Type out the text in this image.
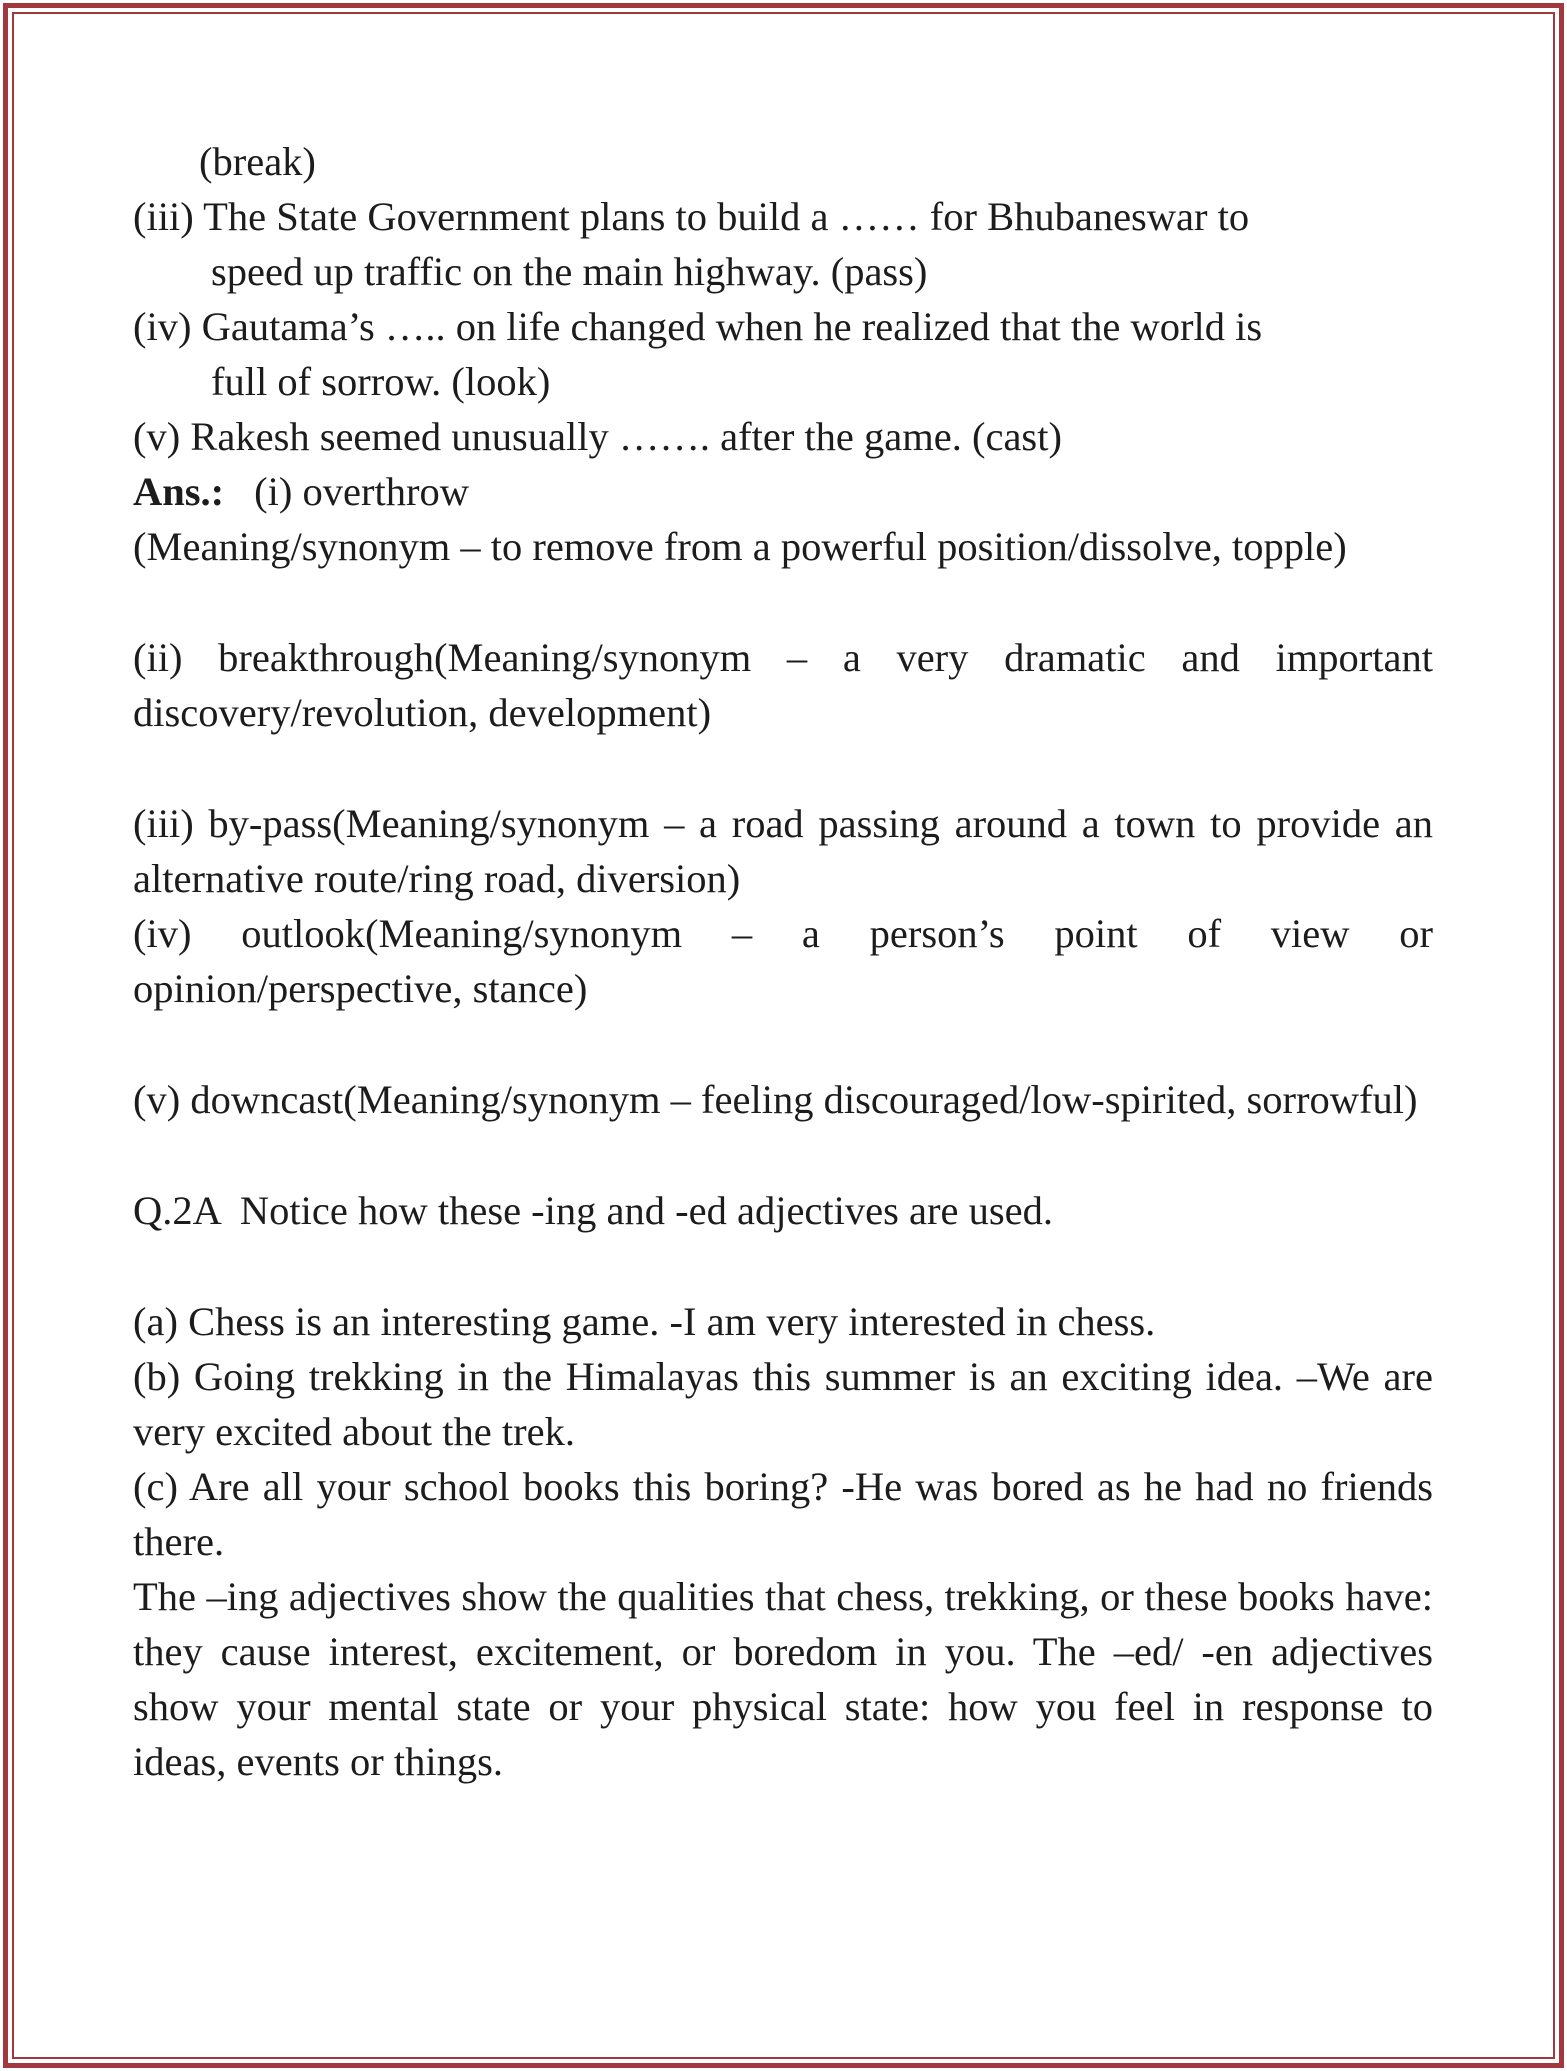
(break)
(iii) The State Government plans to build a …… for Bhubaneswar to
speed up traffic on the main highway. (pass)
(iv) Gautama’s ….. on life changed when he realized that the world is
full of sorrow. (look)
(v) Rakesh seemed unusually ……. after the game. (cast)
Ans.: (i) overthrow
(Meaning/synonym – to remove from a powerful position/dissolve, topple)
(ii) breakthrough(Meaning/synonym – a very dramatic and important discovery/revolution, development)
(iii) by-pass(Meaning/synonym – a road passing around a town to provide an alternative route/ring road, diversion)
(iv) outlook(Meaning/synonym – a person’s point of view or opinion/perspective, stance)
(v) downcast(Meaning/synonym – feeling discouraged/low-spirited, sorrowful)
Q.2A  Notice how these -ing and -ed adjectives are used.
(a) Chess is an interesting game. -I am very interested in chess.
(b) Going trekking in the Himalayas this summer is an exciting idea. –We are very excited about the trek.
(c) Are all your school books this boring? -He was bored as he had no friends there.
The –ing adjectives show the qualities that chess, trekking, or these books have: they cause interest, excitement, or boredom in you. The –ed/ -en adjectives show your mental state or your physical state: how you feel in response to ideas, events or things.
